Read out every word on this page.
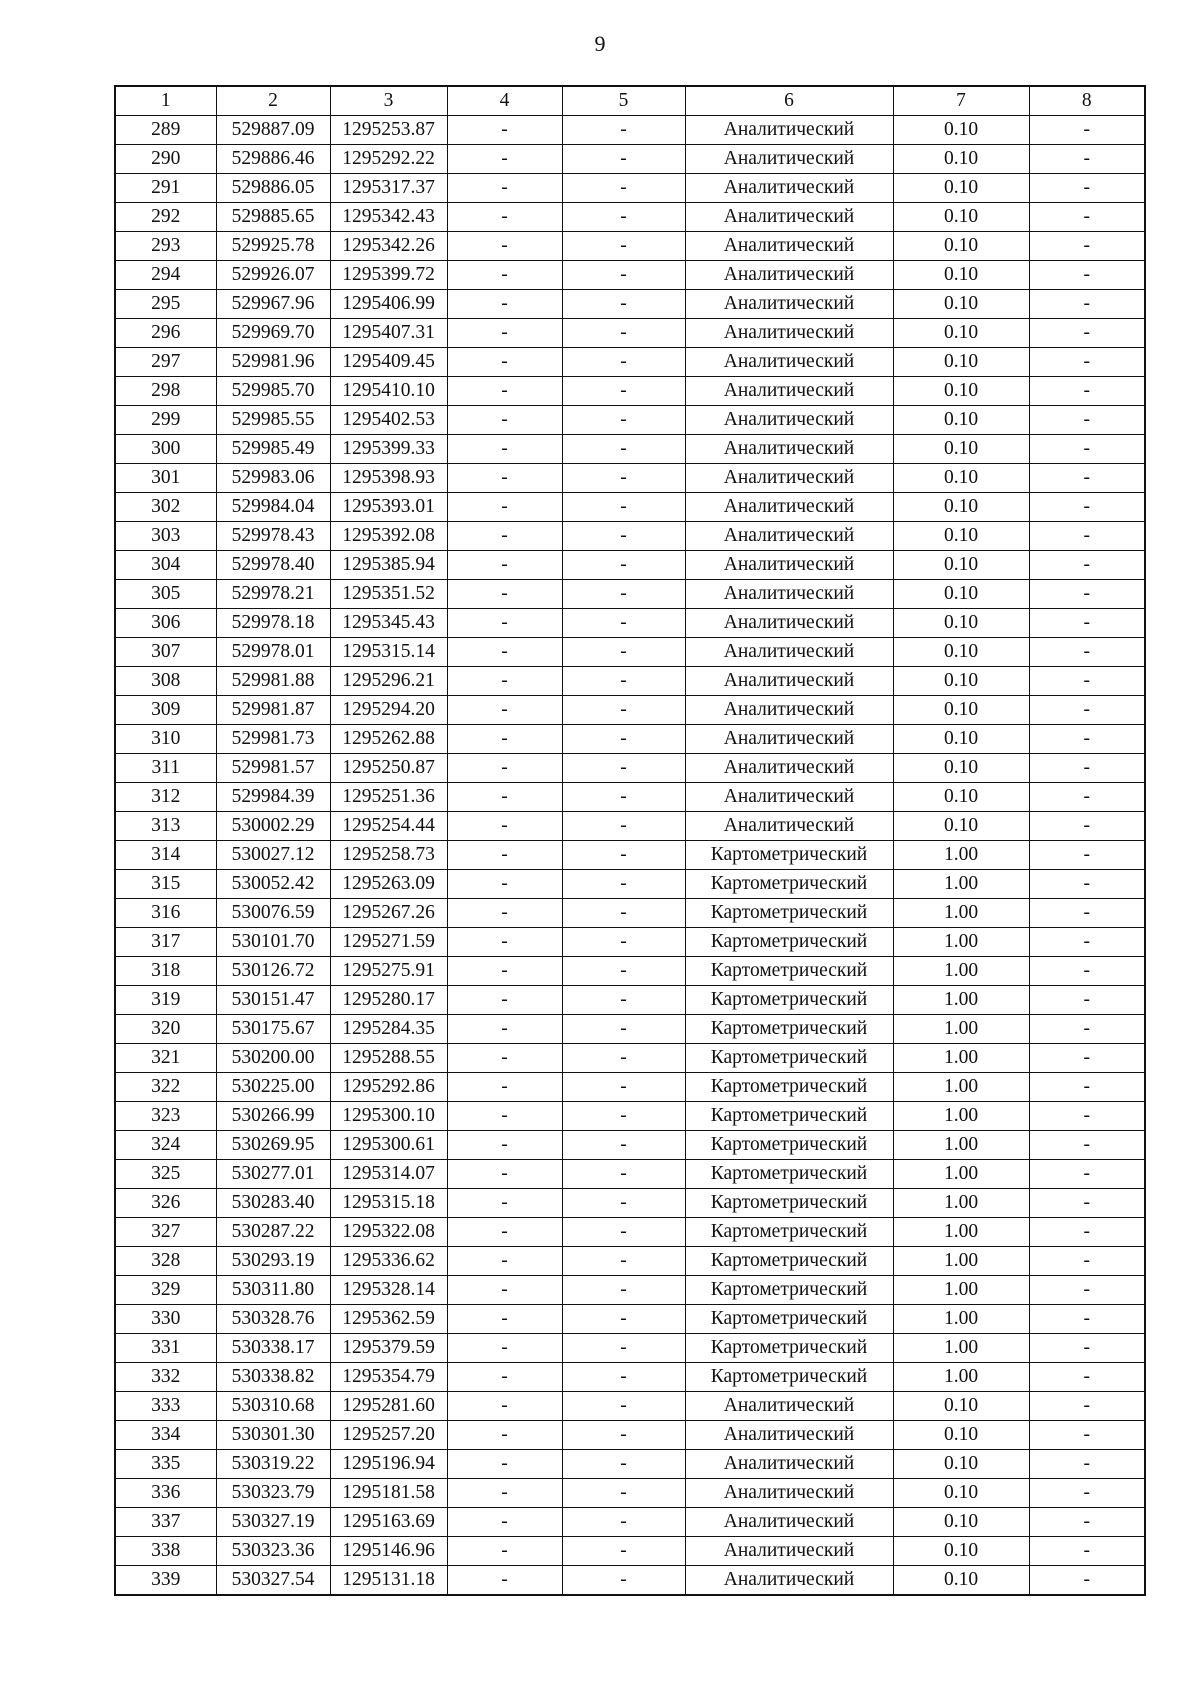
9
1	2	3	4	5	6	7	8
289	529887.09	1295253.87	-	-	Аналитический	0.10	-
290	529886.46	1295292.22	-	-	Аналитический	0.10	-
291	529886.05	1295317.37	-	-	Аналитический	0.10	-
292	529885.65	1295342.43	-	-	Аналитический	0.10	-
293	529925.78	1295342.26	-	-	Аналитический	0.10	-
294	529926.07	1295399.72	-	-	Аналитический	0.10	-
295	529967.96	1295406.99	-	-	Аналитический	0.10	-
296	529969.70	1295407.31	-	-	Аналитический	0.10	-
297	529981.96	1295409.45	-	-	Аналитический	0.10	-
298	529985.70	1295410.10	-	-	Аналитический	0.10	-
299	529985.55	1295402.53	-	-	Аналитический	0.10	-
300	529985.49	1295399.33	-	-	Аналитический	0.10	-
301	529983.06	1295398.93	-	-	Аналитический	0.10	-
302	529984.04	1295393.01	-	-	Аналитический	0.10	-
303	529978.43	1295392.08	-	-	Аналитический	0.10	-
304	529978.40	1295385.94	-	-	Аналитический	0.10	-
305	529978.21	1295351.52	-	-	Аналитический	0.10	-
306	529978.18	1295345.43	-	-	Аналитический	0.10	-
307	529978.01	1295315.14	-	-	Аналитический	0.10	-
308	529981.88	1295296.21	-	-	Аналитический	0.10	-
309	529981.87	1295294.20	-	-	Аналитический	0.10	-
310	529981.73	1295262.88	-	-	Аналитический	0.10	-
311	529981.57	1295250.87	-	-	Аналитический	0.10	-
312	529984.39	1295251.36	-	-	Аналитический	0.10	-
313	530002.29	1295254.44	-	-	Аналитический	0.10	-
314	530027.12	1295258.73	-	-	Картометрический	1.00	-
315	530052.42	1295263.09	-	-	Картометрический	1.00	-
316	530076.59	1295267.26	-	-	Картометрический	1.00	-
317	530101.70	1295271.59	-	-	Картометрический	1.00	-
318	530126.72	1295275.91	-	-	Картометрический	1.00	-
319	530151.47	1295280.17	-	-	Картометрический	1.00	-
320	530175.67	1295284.35	-	-	Картометрический	1.00	-
321	530200.00	1295288.55	-	-	Картометрический	1.00	-
322	530225.00	1295292.86	-	-	Картометрический	1.00	-
323	530266.99	1295300.10	-	-	Картометрический	1.00	-
324	530269.95	1295300.61	-	-	Картометрический	1.00	-
325	530277.01	1295314.07	-	-	Картометрический	1.00	-
326	530283.40	1295315.18	-	-	Картометрический	1.00	-
327	530287.22	1295322.08	-	-	Картометрический	1.00	-
328	530293.19	1295336.62	-	-	Картометрический	1.00	-
329	530311.80	1295328.14	-	-	Картометрический	1.00	-
330	530328.76	1295362.59	-	-	Картометрический	1.00	-
331	530338.17	1295379.59	-	-	Картометрический	1.00	-
332	530338.82	1295354.79	-	-	Картометрический	1.00	-
333	530310.68	1295281.60	-	-	Аналитический	0.10	-
334	530301.30	1295257.20	-	-	Аналитический	0.10	-
335	530319.22	1295196.94	-	-	Аналитический	0.10	-
336	530323.79	1295181.58	-	-	Аналитический	0.10	-
337	530327.19	1295163.69	-	-	Аналитический	0.10	-
338	530323.36	1295146.96	-	-	Аналитический	0.10	-
339	530327.54	1295131.18	-	-	Аналитический	0.10	-
